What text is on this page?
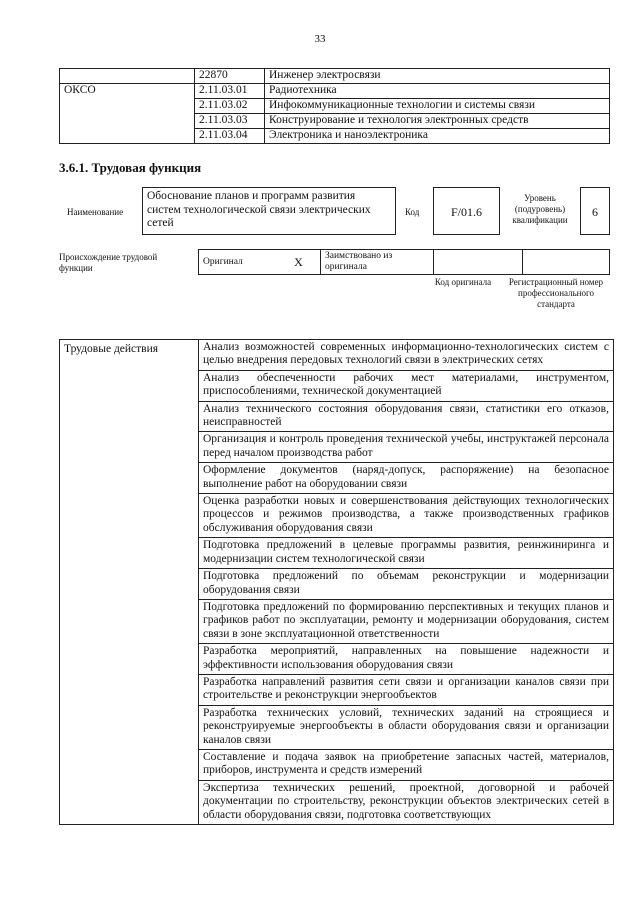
33
	22870	Инженер электросвязи
ОКСО	2.11.03.01	Радиотехника
	2.11.03.02	Инфокоммуникационные технологии и системы связи
	2.11.03.03	Конструирование и технология электронных средств
	2.11.03.04	Электроника и наноэлектроника
3.6.1. Трудовая функция
Наименование
Обоснование планов и программ развития систем технологической связи электрических сетей
Код	F/01.6
Уровень (подуровень) квалификации
6
Происхождение трудовой функции
Оригинал	X	Заимствовано из оригинала		
Код оригинала Регистрационный номер профессионального стандарта
Трудовые действия	Анализ возможностей современных информационно-технологических систем с целью внедрения передовых технологий связи в электрических сетях
Анализ обеспеченности рабочих мест материалами, инструментом, приспособлениями, технической документацией
Анализ технического состояния оборудования связи, статистики его отказов, неисправностей
Организация и контроль проведения технической учебы, инструктажей персонала перед началом производства работ
Оформление документов (наряд-допуск, распоряжение) на безопасное выполнение работ на оборудовании связи
Оценка разработки новых и совершенствования действующих технологических процессов и режимов производства, а также производственных графиков обслуживания оборудования связи
Подготовка предложений в целевые программы развития, реинжиниринга и модернизации систем технологической связи
Подготовка предложений по объемам реконструкции и модернизации оборудования связи
Подготовка предложений по формированию перспективных и текущих планов и графиков работ по эксплуатации, ремонту и модернизации оборудования, систем связи в зоне эксплуатационной ответственности
Разработка мероприятий, направленных на повышение надежности и эффективности использования оборудования связи
Разработка направлений развития сети связи и организации каналов связи при строительстве и реконструкции энергообъектов
Разработка технических условий, технических заданий на строящиеся и реконструируемые энергообъекты в области оборудования связи и организации каналов связи
Составление и подача заявок на приобретение запасных частей, материалов, приборов, инструмента и средств измерений
Экспертиза технических решений, проектной, договорной и рабочей документации по строительству, реконструкции объектов электрических сетей в области оборудования связи, подготовка соответствующих
